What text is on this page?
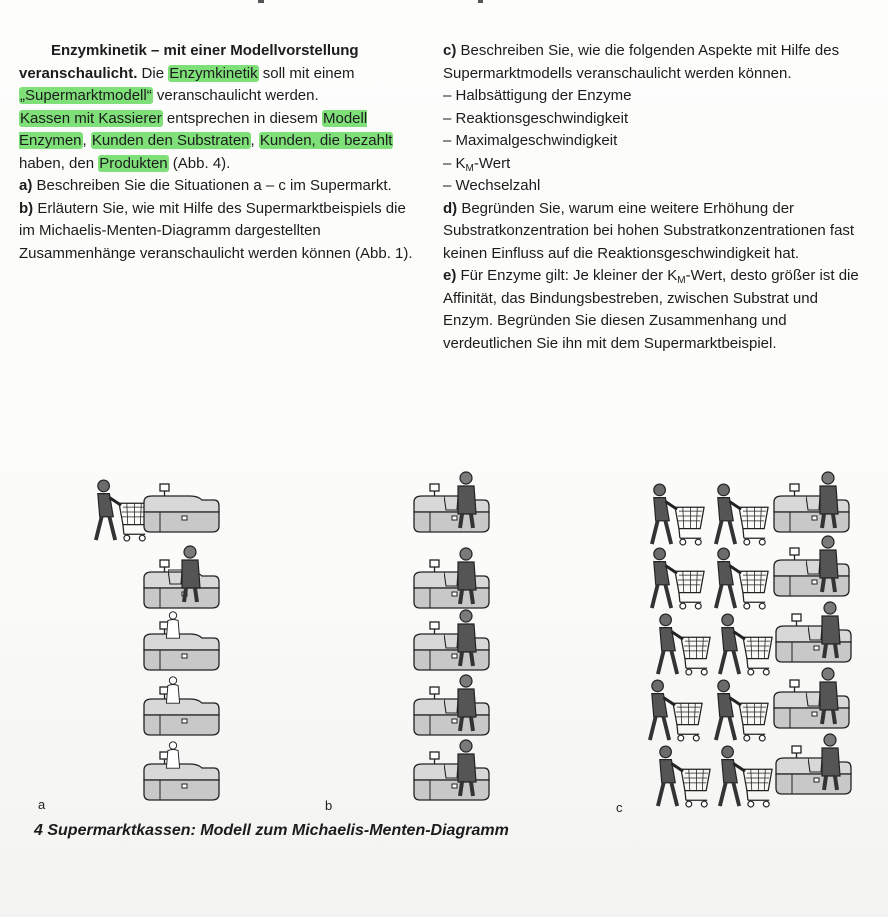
Enzymkinetik – mit einer Modellvorstellung veranschaulicht. Die Enzymkinetik soll mit einem „Supermarktmodell“ veranschaulicht werden.

Kassen mit Kassierer entsprechen in diesem Modell Enzymen, Kunden den Substraten, Kunden, die bezahlt haben, den Produkten (Abb. 4).

a) Beschreiben Sie die Situationen a – c im Supermarkt.

b) Erläutern Sie, wie mit Hilfe des Supermarktbeispiels die im Michaelis-Menten-Diagramm dargestellten Zusammenhänge veranschaulicht werden können (Abb. 1).

c) Beschreiben Sie, wie die folgenden Aspekte mit Hilfe des Supermarktmodells veranschaulicht werden können.

– Halbsättigung der Enzyme

– Reaktionsgeschwindigkeit

– Maximalgeschwindigkeit

– $K_M$-Wert

– Wechselzahl

d) Begründen Sie, warum eine weitere Erhöhung der Substratkonzentration bei hohen Substratkonzentrationen fast keinen Einfluss auf die Reaktionsgeschwindigkeit hat.

e) Für Enzyme gilt: Je kleiner der $K_M$-Wert, desto größer ist die Affinität, das Bindungsbestreben, zwischen Substrat und Enzym. Begründen Sie diesen Zusammenhang und verdeutlichen Sie ihn mit dem Supermarktbeispiel.

a	b	c
4 Supermarktkassen: Modell zum Michaelis-Menten-Diagramm
